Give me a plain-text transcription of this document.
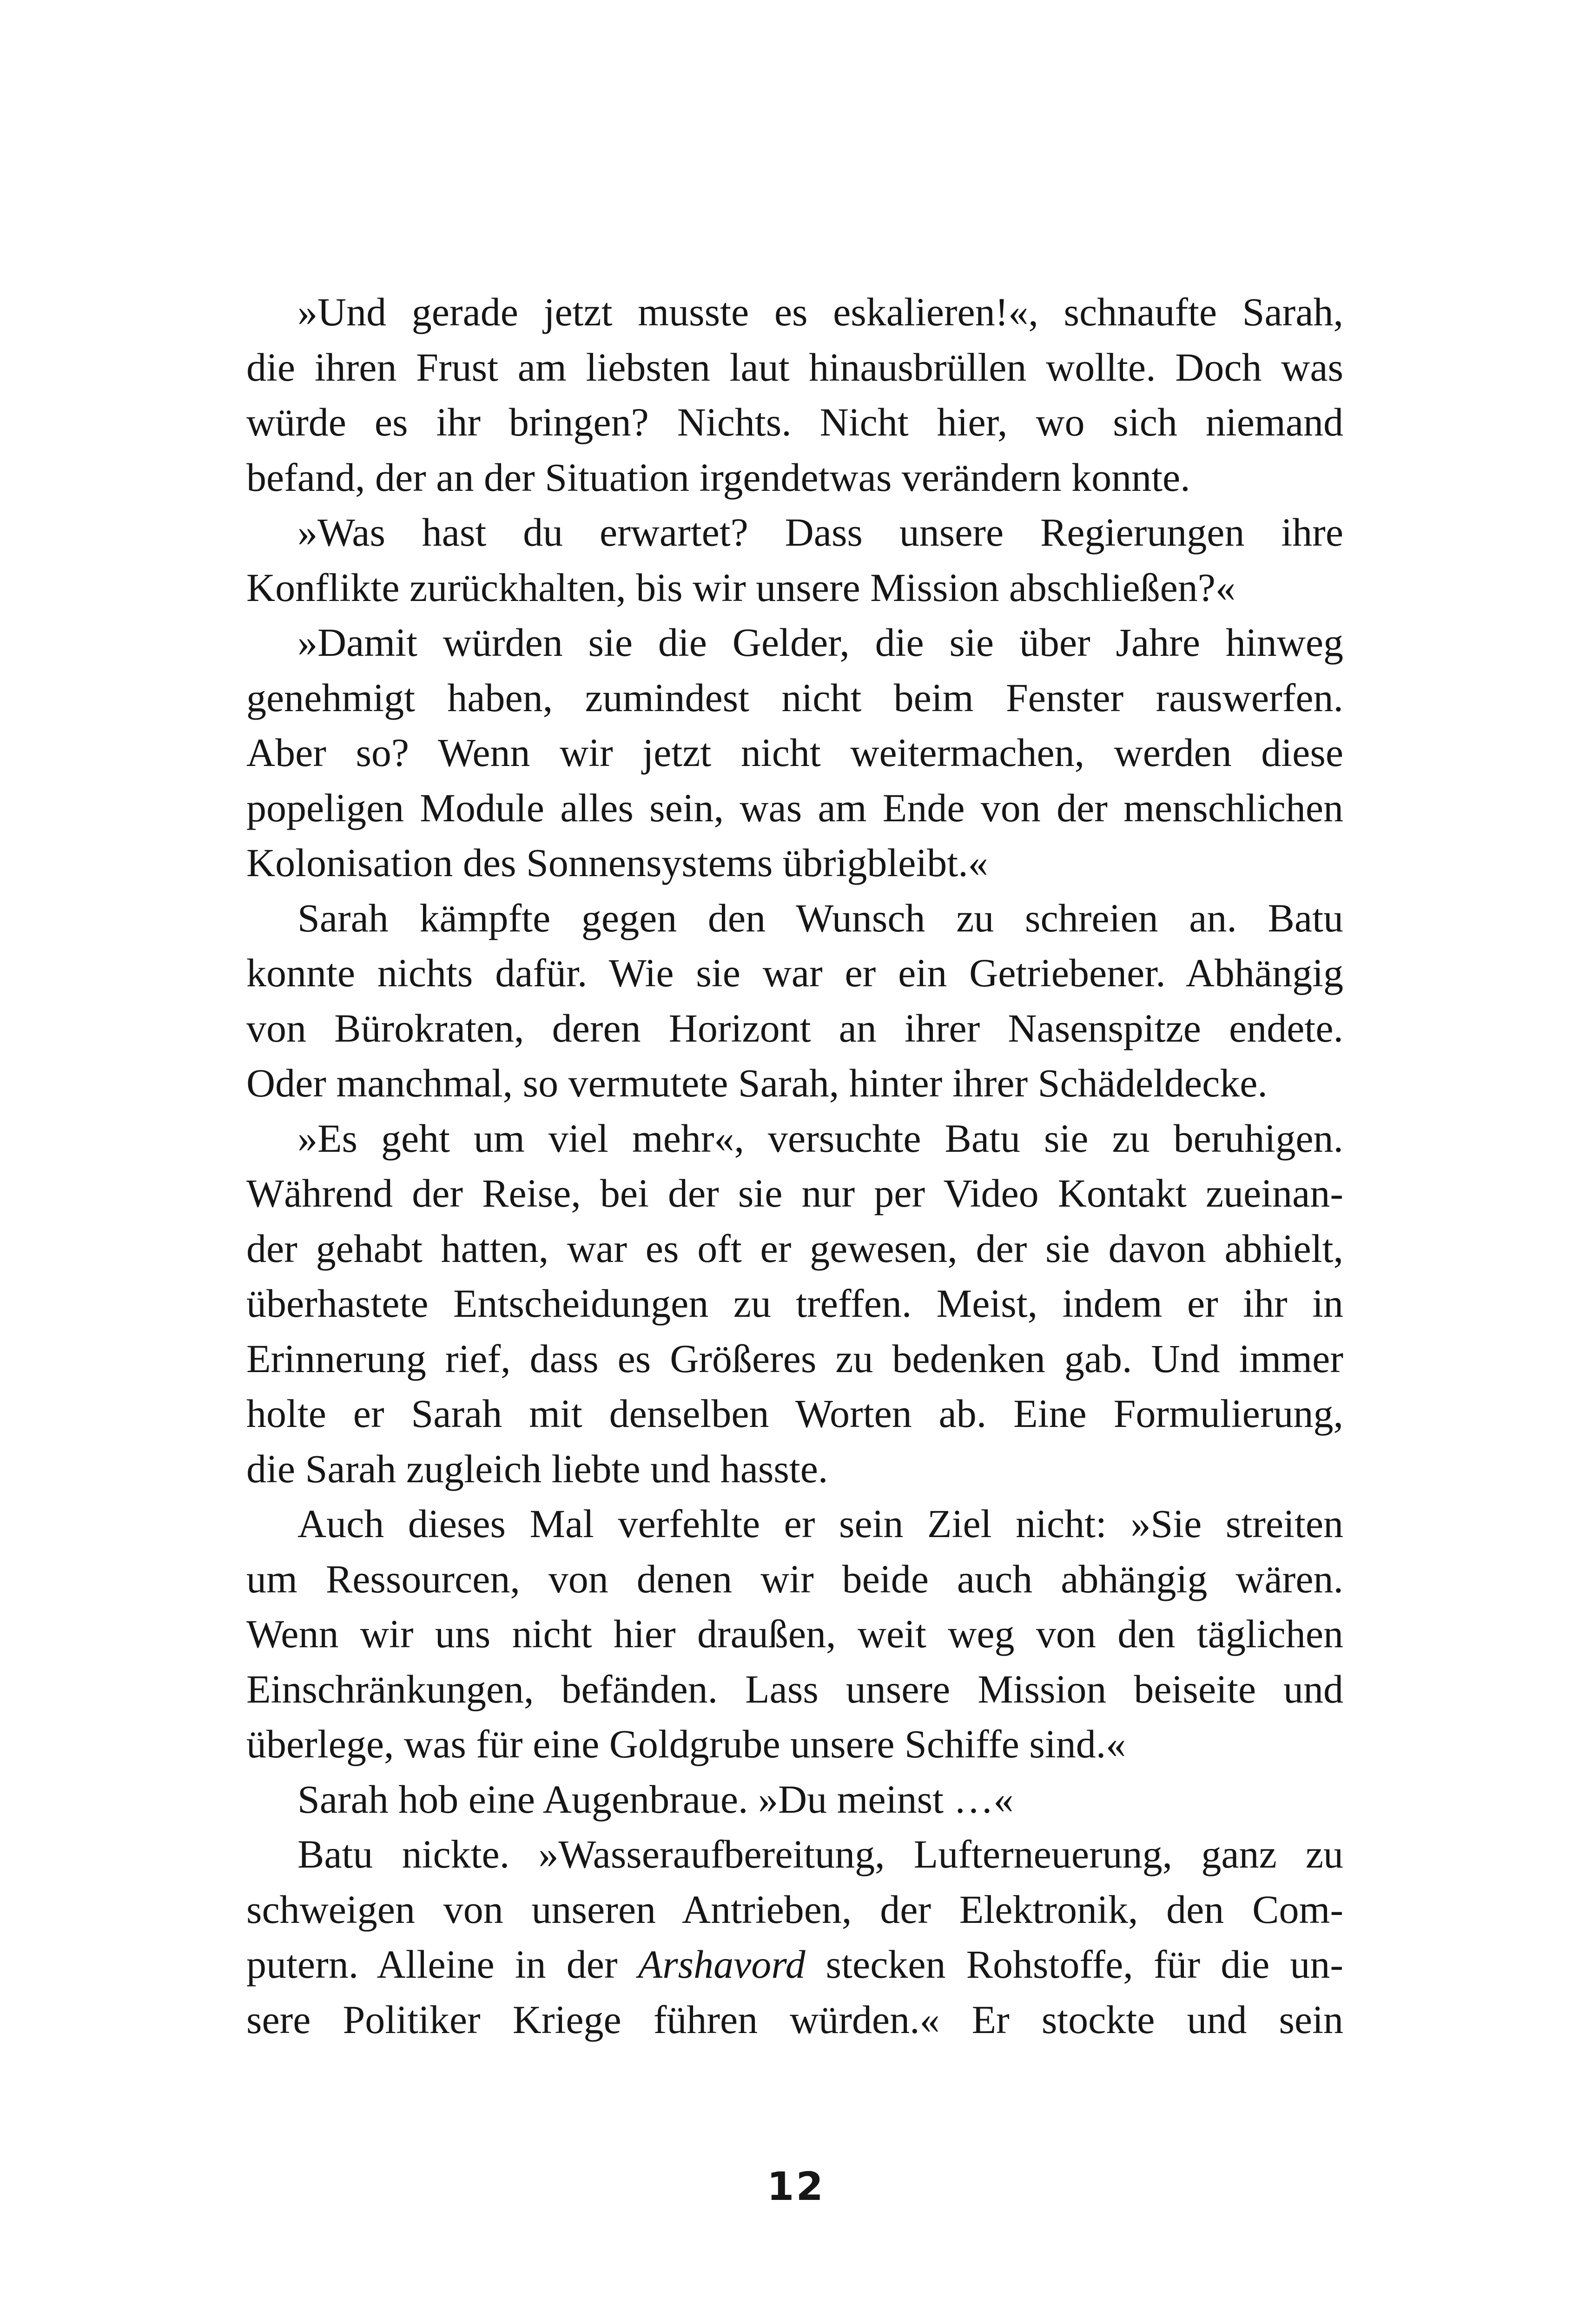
»Und gerade jetzt musste es eskalieren!«, schnaufte Sarah,
die ihren Frust am liebsten laut hinausbrüllen wollte. Doch was
würde es ihr bringen? Nichts. Nicht hier, wo sich niemand
befand, der an der Situation irgendetwas verändern konnte.
»Was hast du erwartet? Dass unsere Regierungen ihre
Konflikte zurückhalten, bis wir unsere Mission abschließen?«
»Damit würden sie die Gelder, die sie über Jahre hinweg
genehmigt haben, zumindest nicht beim Fenster rauswerfen.
Aber so? Wenn wir jetzt nicht weitermachen, werden diese
popeligen Module alles sein, was am Ende von der menschlichen
Kolonisation des Sonnensystems übrigbleibt.«
Sarah kämpfte gegen den Wunsch zu schreien an. Batu
konnte nichts dafür. Wie sie war er ein Getriebener. Abhängig
von Bürokraten, deren Horizont an ihrer Nasenspitze endete.
Oder manchmal, so vermutete Sarah, hinter ihrer Schädeldecke.
»Es geht um viel mehr«, versuchte Batu sie zu beruhigen.
Während der Reise, bei der sie nur per Video Kontakt zueinan-
der gehabt hatten, war es oft er gewesen, der sie davon abhielt,
überhastete Entscheidungen zu treffen. Meist, indem er ihr in
Erinnerung rief, dass es Größeres zu bedenken gab. Und immer
holte er Sarah mit denselben Worten ab. Eine Formulierung,
die Sarah zugleich liebte und hasste.
Auch dieses Mal verfehlte er sein Ziel nicht: »Sie streiten
um Ressourcen, von denen wir beide auch abhängig wären.
Wenn wir uns nicht hier draußen, weit weg von den täglichen
Einschränkungen, befänden. Lass unsere Mission beiseite und
überlege, was für eine Goldgrube unsere Schiffe sind.«
Sarah hob eine Augenbraue. »Du meinst …«
Batu nickte. »Wasseraufbereitung, Lufterneuerung, ganz zu
schweigen von unseren Antrieben, der Elektronik, den Com-
putern. Alleine in der Arshavord stecken Rohstoffe, für die un-
sere Politiker Kriege führen würden.« Er stockte und sein
12
